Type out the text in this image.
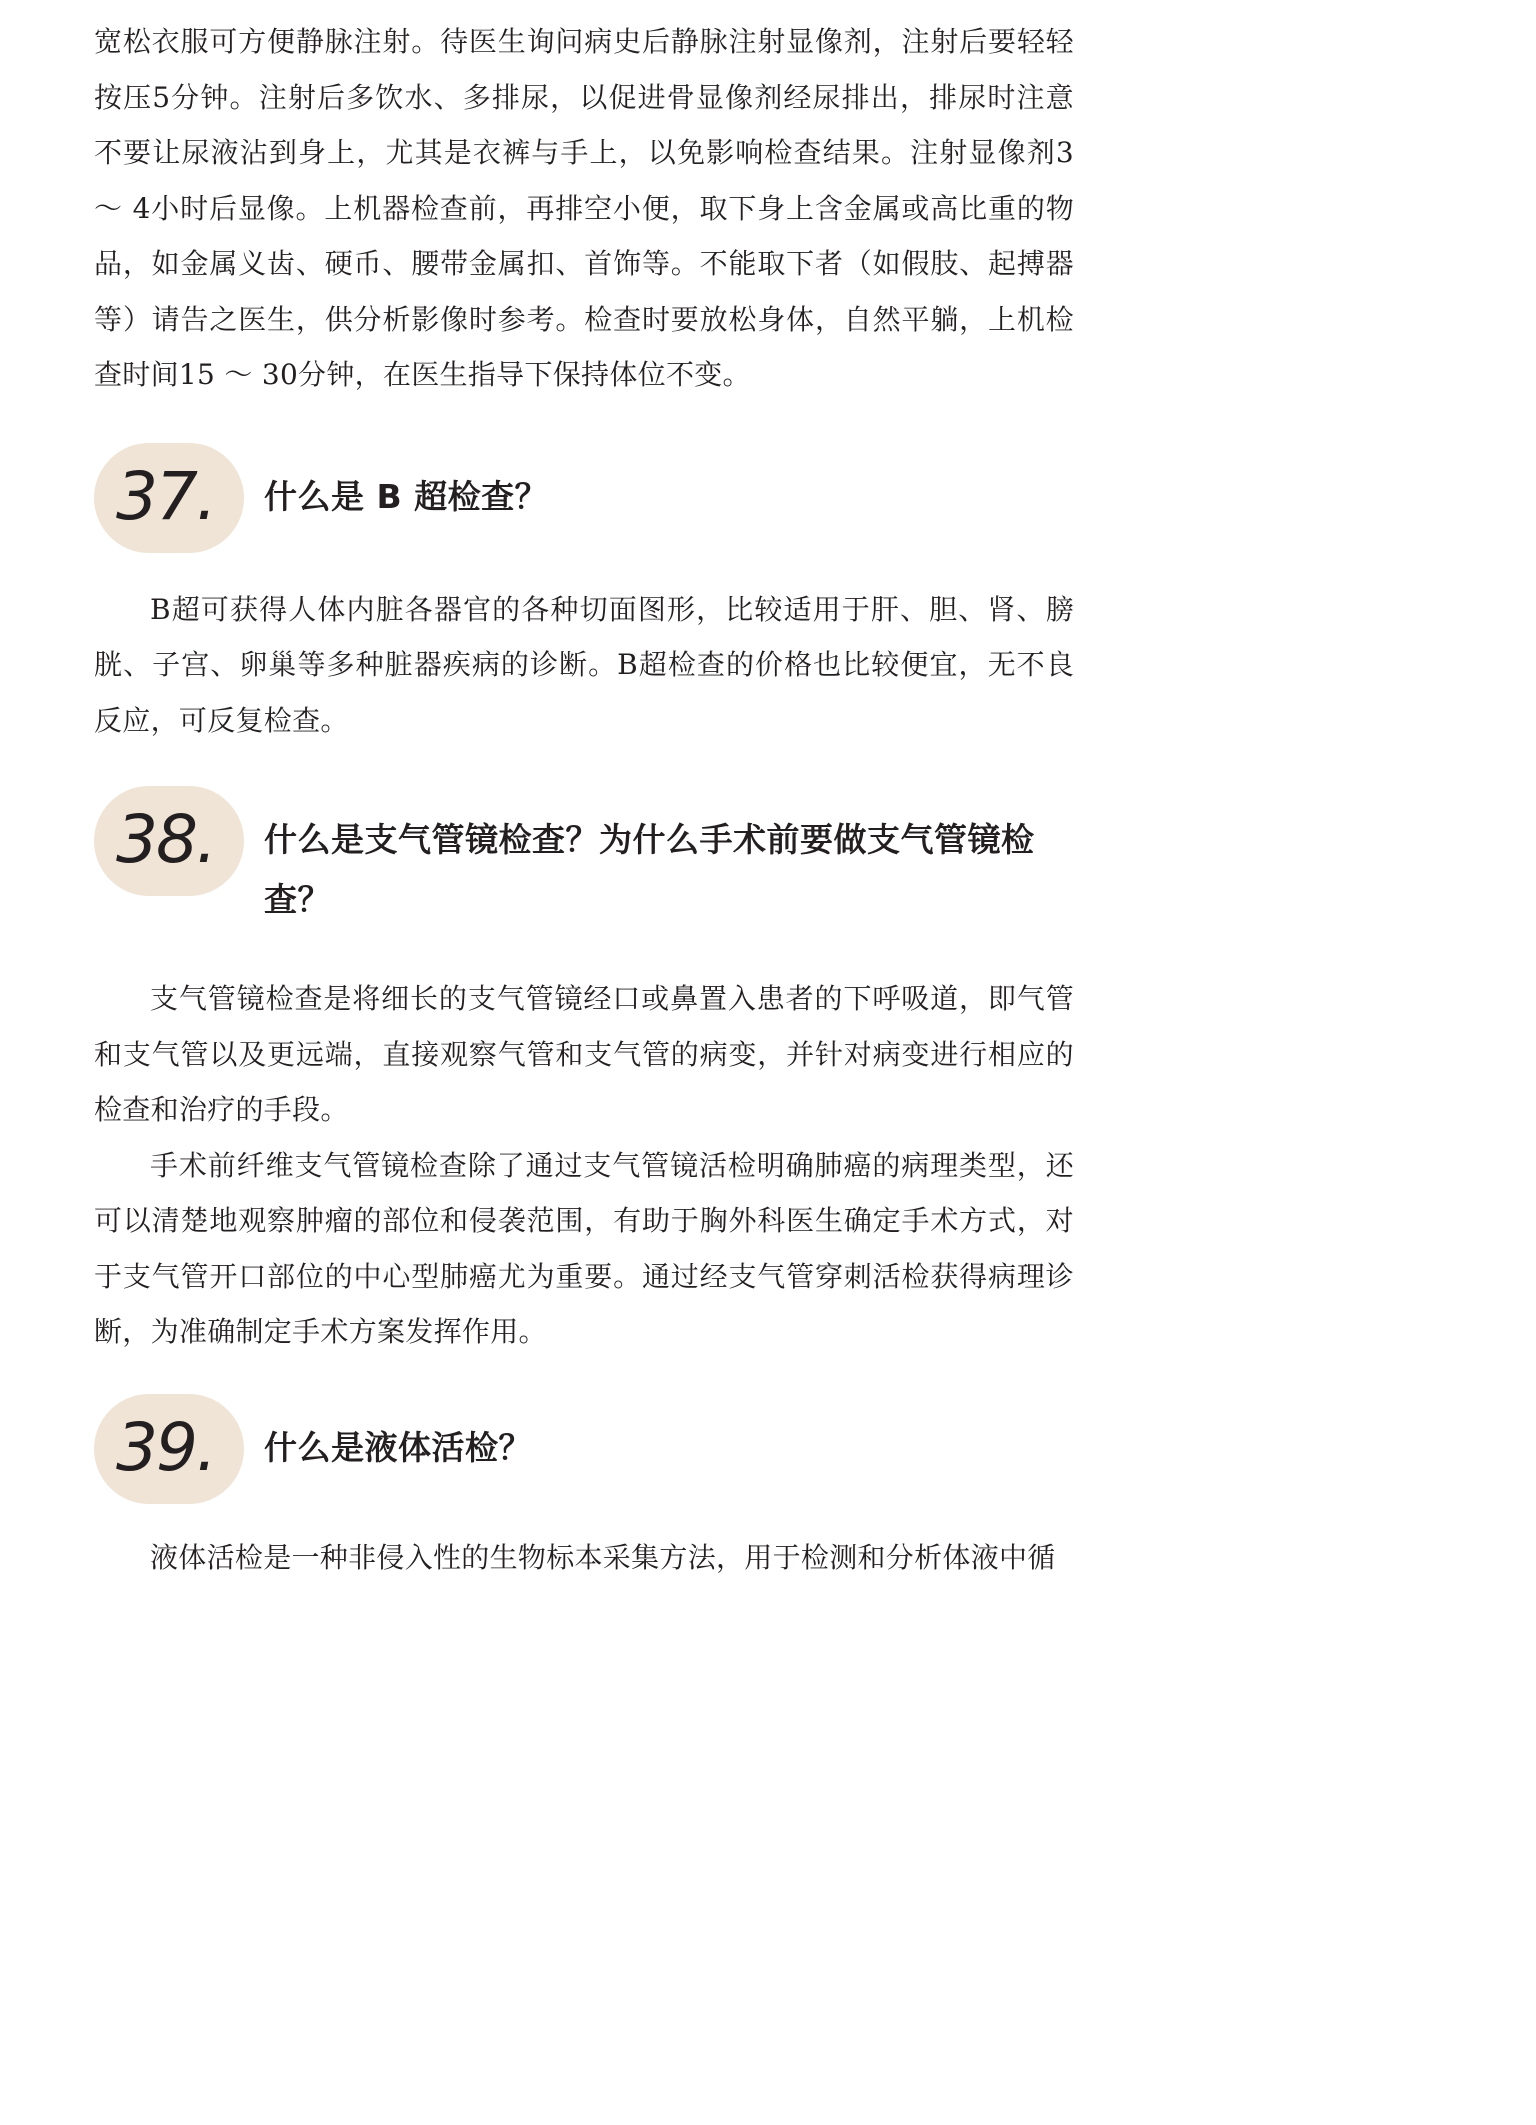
宽松衣服可方便静脉注射。待医生询问病史后静脉注射显像剂，注射后要轻轻按压5分钟。注射后多饮水、多排尿，以促进骨显像剂经尿排出，排尿时注意不要让尿液沾到身上，尤其是衣裤与手上，以免影响检查结果。注射显像剂3 ～ 4小时后显像。上机器检查前，再排空小便，取下身上含金属或高比重的物品，如金属义齿、硬币、腰带金属扣、首饰等。不能取下者（如假肢、起搏器等）请告之医生，供分析影像时参考。检查时要放松身体，自然平躺，上机检查时间15 ～ 30分钟，在医生指导下保持体位不变。

37. 什么是 B 超检查？

B超可获得人体内脏各器官的各种切面图形，比较适用于肝、胆、肾、膀胱、子宫、卵巢等多种脏器疾病的诊断。B超检查的价格也比较便宜，无不良反应，可反复检查。

38. 什么是支气管镜检查？为什么手术前要做支气管镜检查？

支气管镜检查是将细长的支气管镜经口或鼻置入患者的下呼吸道，即气管和支气管以及更远端，直接观察气管和支气管的病变，并针对病变进行相应的检查和治疗的手段。

手术前纤维支气管镜检查除了通过支气管镜活检明确肺癌的病理类型，还可以清楚地观察肿瘤的部位和侵袭范围，有助于胸外科医生确定手术方式，对于支气管开口部位的中心型肺癌尤为重要。通过经支气管穿刺活检获得病理诊断，为准确制定手术方案发挥作用。

39. 什么是液体活检？

液体活检是一种非侵入性的生物标本采集方法，用于检测和分析体液中循
